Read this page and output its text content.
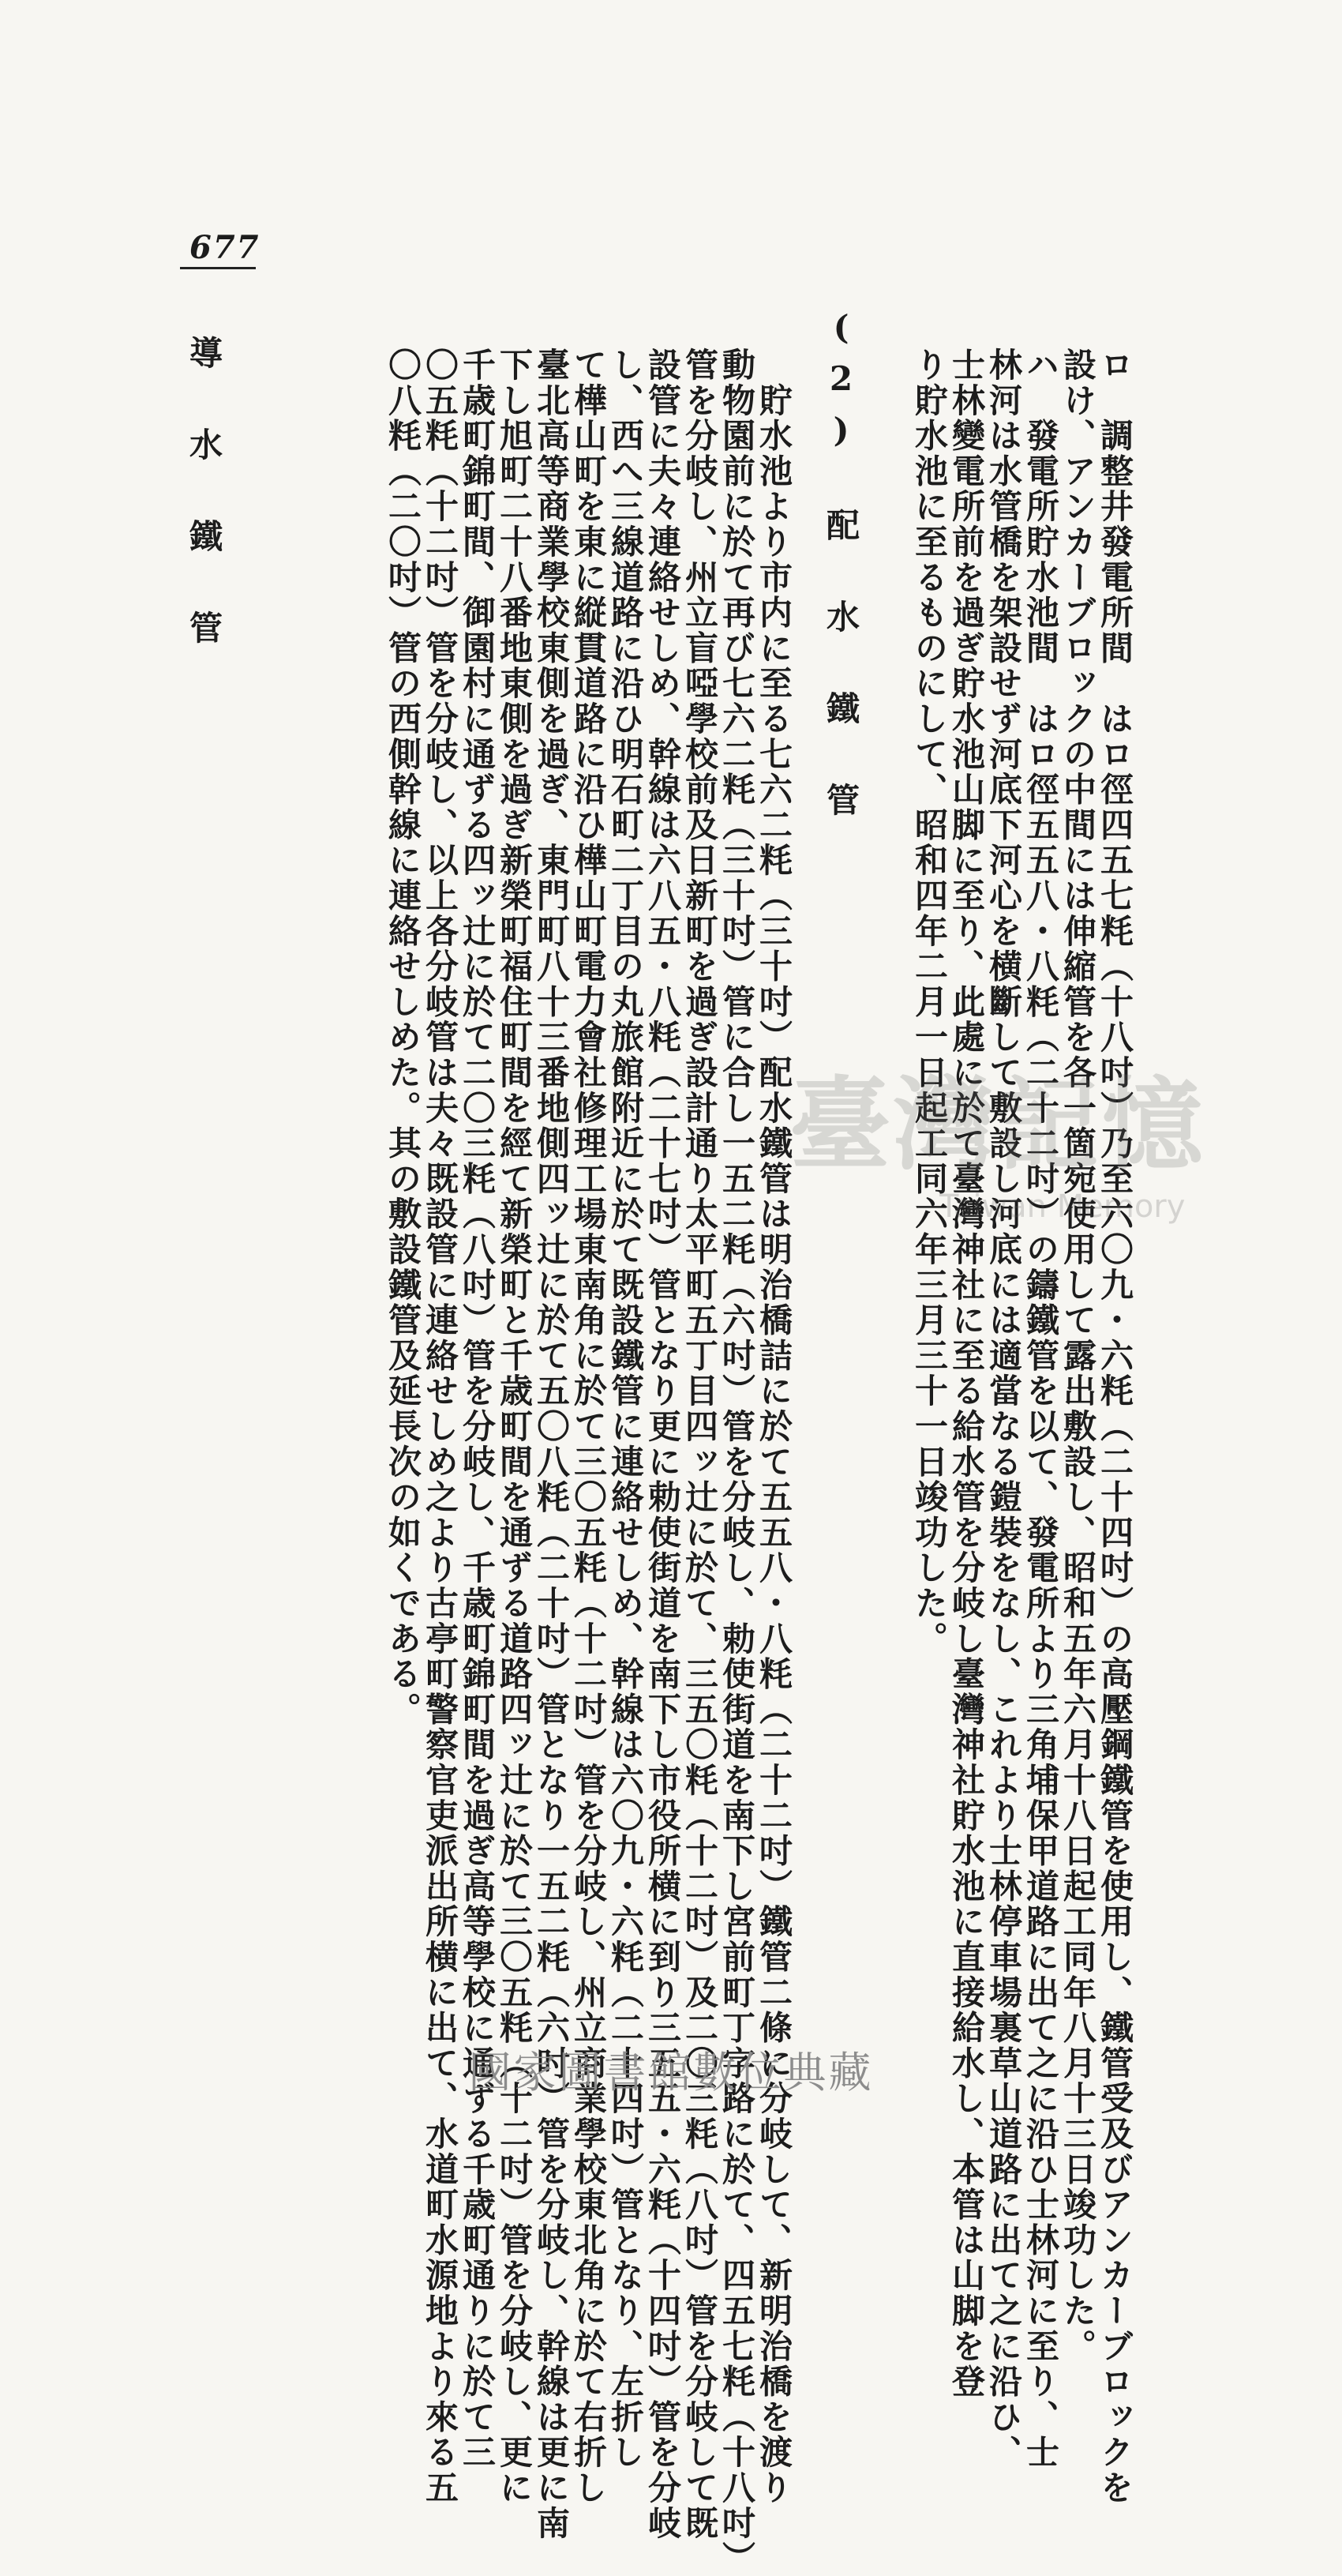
677
ロ　調整井發電所間　はロ徑四五七粍（十八吋）乃至六〇九・六粍（二十四吋）の高壓鋼鐵管を使用し、鐵管受及びアンカーブロックを
設け、アンカーブロックの中間には伸縮管を各一箇宛使用して露出敷設し、昭和五年六月十八日起工同年八月十三日竣功した。
ハ　發電所貯水池間　はロ徑五五八・八粍（二十二吋）の鑄鐵管を以て、發電所より三角埔保甲道路に出て之に沿ひ士林河に至り、士
林河は水管橋を架設せず河底下河心を横斷して敷設し河底には適當なる鎧裝をなし、これより士林停車場裏草山道路に出て之に沿ひ、
士林變電所前を過ぎ貯水池山脚に至り、此處に於て臺灣神社に至る給水管を分岐し臺灣神社貯水池に直接給水し、本管は山脚を登
り貯水池に至るものにして、昭和四年二月一日起工同六年三月三十一日竣功した。
(2)　配　水　鐵　管
　貯水池より市内に至る七六二粍（三十吋）配水鐵管は明治橋詰に於て五五八・八粍（二十二吋）鐵管二條に分岐して、新明治橋を渡り
動物園前に於て再び七六二粍（三十吋）管に合し一五二粍（六吋）管を分岐し、勅使街道を南下し宮前町丁字路に於て、四五七粍（十八吋）
管を分岐し、州立盲啞學校前及日新町を過ぎ設計通り太平町五丁目四ッ辻に於て、三五〇粍（十二吋）及二〇三粍（八吋）管を分岐して既
設管に夫々連絡せしめ、幹線は六八五・八粍（二十七吋）管となり更に勅使街道を南下し市役所横に到り三五五・六粍（十四吋）管を分岐
し、西へ三線道路に沿ひ明石町二丁目の丸旅館附近に於て既設鐵管に連絡せしめ、幹線は六〇九・六粍（二十四吋）管となり、左折し
て樺山町を東に縦貫道路に沿ひ樺山町電力會社修理工場東南角に於て三〇五粍（十二吋）管を分岐し、州立商業學校東北角に於て右折し
臺北高等商業學校東側を過ぎ、東門町八十三番地側四ッ辻に於て五〇八粍（二十吋）管となり一五二粍（六吋）管を分岐し、幹線は更に南
下し旭町二十八番地東側を過ぎ新榮町福住町間を經て新榮町と千歳町間を通ずる道路四ッ辻に於て三〇五粍（十二吋）管を分岐し、更に
千歳町錦町間、御園村に通ずる四ッ辻に於て二〇三粍（八吋）管を分岐し、千歳町錦町間を過ぎ高等學校に通ずる千歳町通りに於て三
〇五粍（十二吋）管を分岐し、以上各分岐管は夫々既設管に連絡せしめ之より古亭町警察官吏派出所横に出て、水道町水源地より來る五
〇八粍（二〇吋）管の西側幹線に連絡せしめた。其の敷設鐵管及延長次の如くである。
導　水　鐵　管
臺灣記憶
Taiwan Memory
國家圖書館數位典藏
